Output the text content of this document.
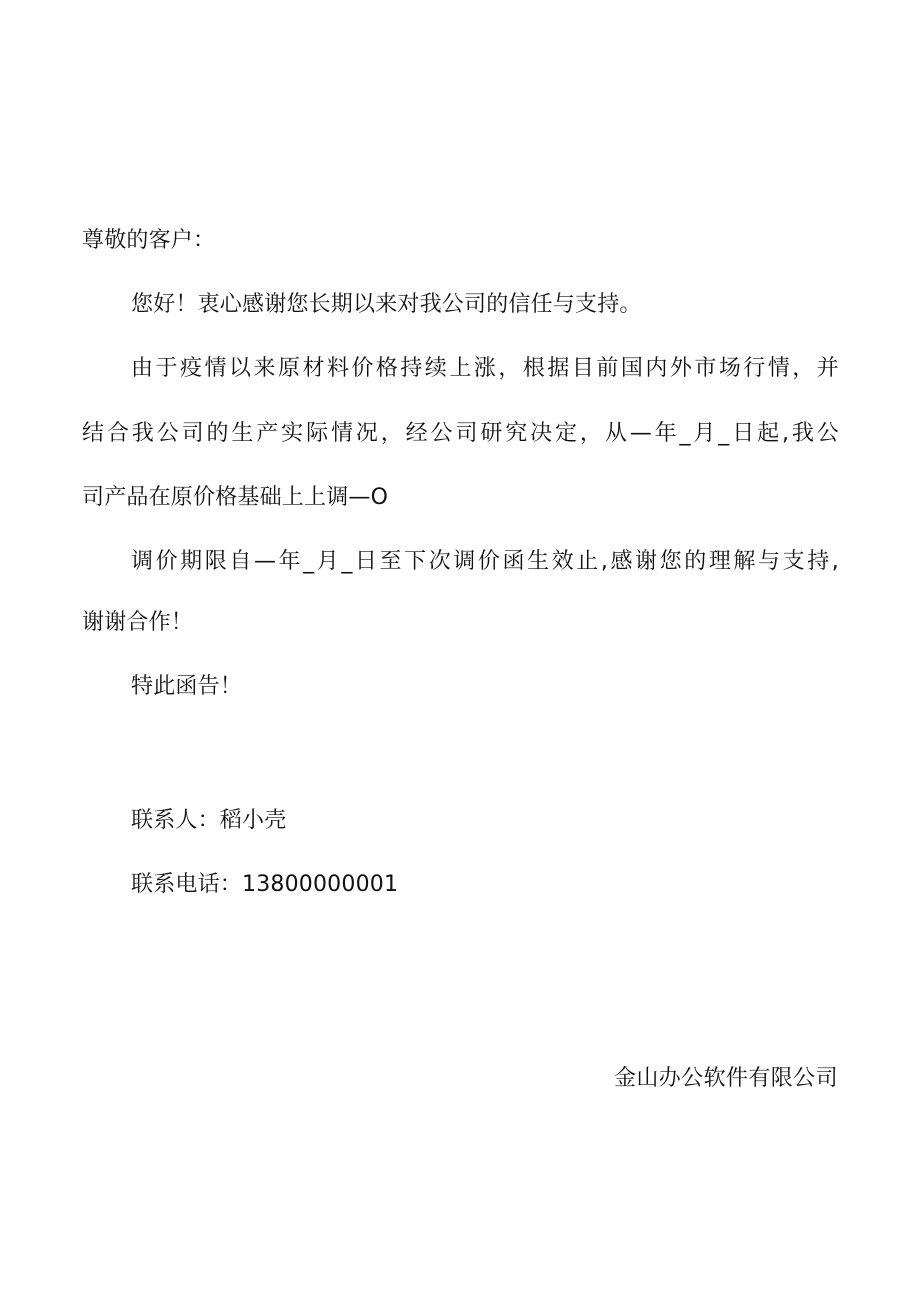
尊敬的客户：
您好！衷心感谢您长期以来对我公司的信任与支持。
由于疫情以来原材料价格持续上涨，根据目前国内外市场行情，并
结合我公司的生产实际情况，经公司研究决定，从—年_月_日起,我公
司产品在原价格基础上上调—O
调价期限自—年_月_日至下次调价函生效止,感谢您的理解与支持,
谢谢合作！
特此函告！
联系人：稻小壳
联系电话：13800000001
金山办公软件有限公司
